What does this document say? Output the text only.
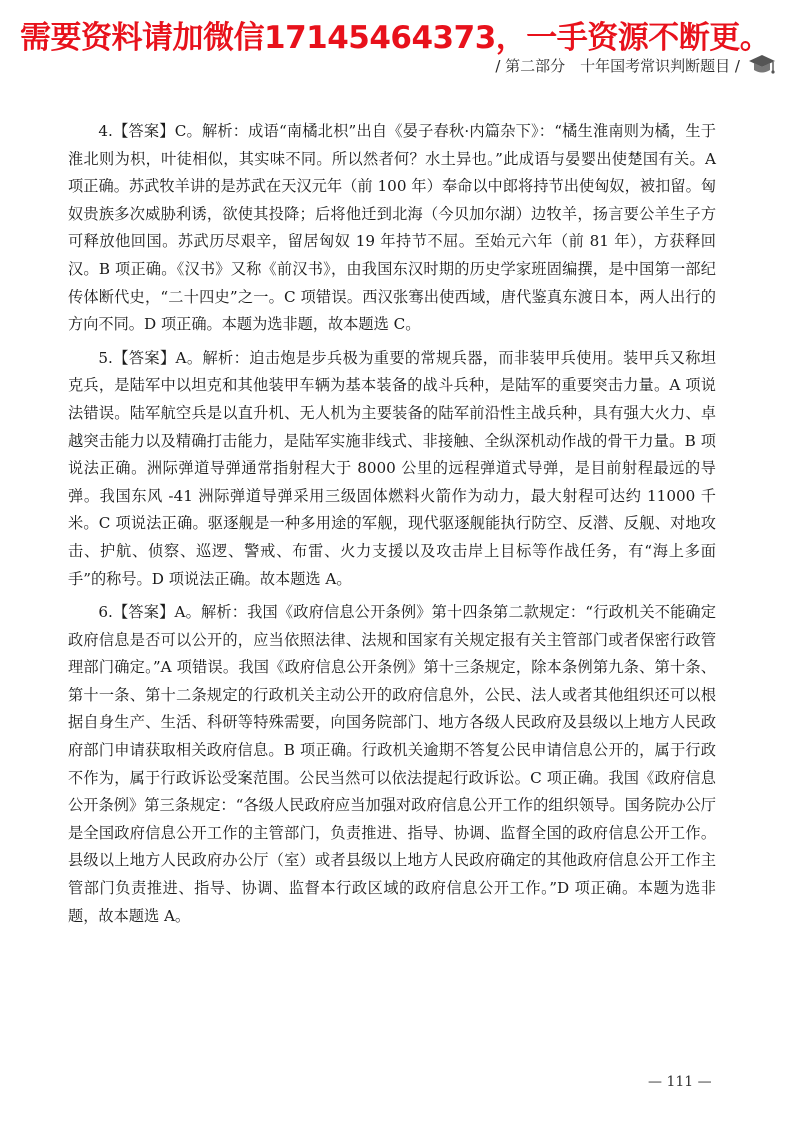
需要资料请加微信17145464373，一手资源不断更。
/ 第二部分　十年国考常识判断题目 /

4.【答案】C。解析：成语“南橘北枳”出自《晏子春秋·内篇杂下》：“橘生淮南则为橘，生于淮北则为枳，叶徒相似，其实味不同。所以然者何？水土异也。”此成语与晏婴出使楚国有关。A 项正确。苏武牧羊讲的是苏武在天汉元年（前 100 年）奉命以中郎将持节出使匈奴，被扣留。匈奴贵族多次威胁利诱，欲使其投降；后将他迁到北海（今贝加尔湖）边牧羊，扬言要公羊生子方可释放他回国。苏武历尽艰辛，留居匈奴 19 年持节不屈。至始元六年（前 81 年），方获释回汉。B 项正确。《汉书》又称《前汉书》，由我国东汉时期的历史学家班固编撰，是中国第一部纪传体断代史，“二十四史”之一。C 项错误。西汉张骞出使西域，唐代鉴真东渡日本，两人出行的方向不同。D 项正确。本题为选非题，故本题选 C。

5.【答案】A。解析：迫击炮是步兵极为重要的常规兵器，而非装甲兵使用。装甲兵又称坦克兵，是陆军中以坦克和其他装甲车辆为基本装备的战斗兵种，是陆军的重要突击力量。A 项说法错误。陆军航空兵是以直升机、无人机为主要装备的陆军前沿性主战兵种，具有强大火力、卓越突击能力以及精确打击能力，是陆军实施非线式、非接触、全纵深机动作战的骨干力量。B 项说法正确。洲际弹道导弹通常指射程大于 8000 公里的远程弹道式导弹，是目前射程最远的导弹。我国东风 -41 洲际弹道导弹采用三级固体燃料火箭作为动力，最大射程可达约 11000 千米。C 项说法正确。驱逐舰是一种多用途的军舰，现代驱逐舰能执行防空、反潜、反舰、对地攻击、护航、侦察、巡逻、警戒、布雷、火力支援以及攻击岸上目标等作战任务，有“海上多面手”的称号。D 项说法正确。故本题选 A。

6.【答案】A。解析：我国《政府信息公开条例》第十四条第二款规定：“行政机关不能确定政府信息是否可以公开的，应当依照法律、法规和国家有关规定报有关主管部门或者保密行政管理部门确定。”A 项错误。我国《政府信息公开条例》第十三条规定，除本条例第九条、第十条、第十一条、第十二条规定的行政机关主动公开的政府信息外，公民、法人或者其他组织还可以根据自身生产、生活、科研等特殊需要，向国务院部门、地方各级人民政府及县级以上地方人民政府部门申请获取相关政府信息。B 项正确。行政机关逾期不答复公民申请信息公开的，属于行政不作为，属于行政诉讼受案范围。公民当然可以依法提起行政诉讼。C 项正确。我国《政府信息公开条例》第三条规定：“各级人民政府应当加强对政府信息公开工作的组织领导。国务院办公厅是全国政府信息公开工作的主管部门，负责推进、指导、协调、监督全国的政府信息公开工作。县级以上地方人民政府办公厅（室）或者县级以上地方人民政府确定的其他政府信息公开工作主管部门负责推进、指导、协调、监督本行政区域的政府信息公开工作。”D 项正确。本题为选非题，故本题选 A。

— 111 —
